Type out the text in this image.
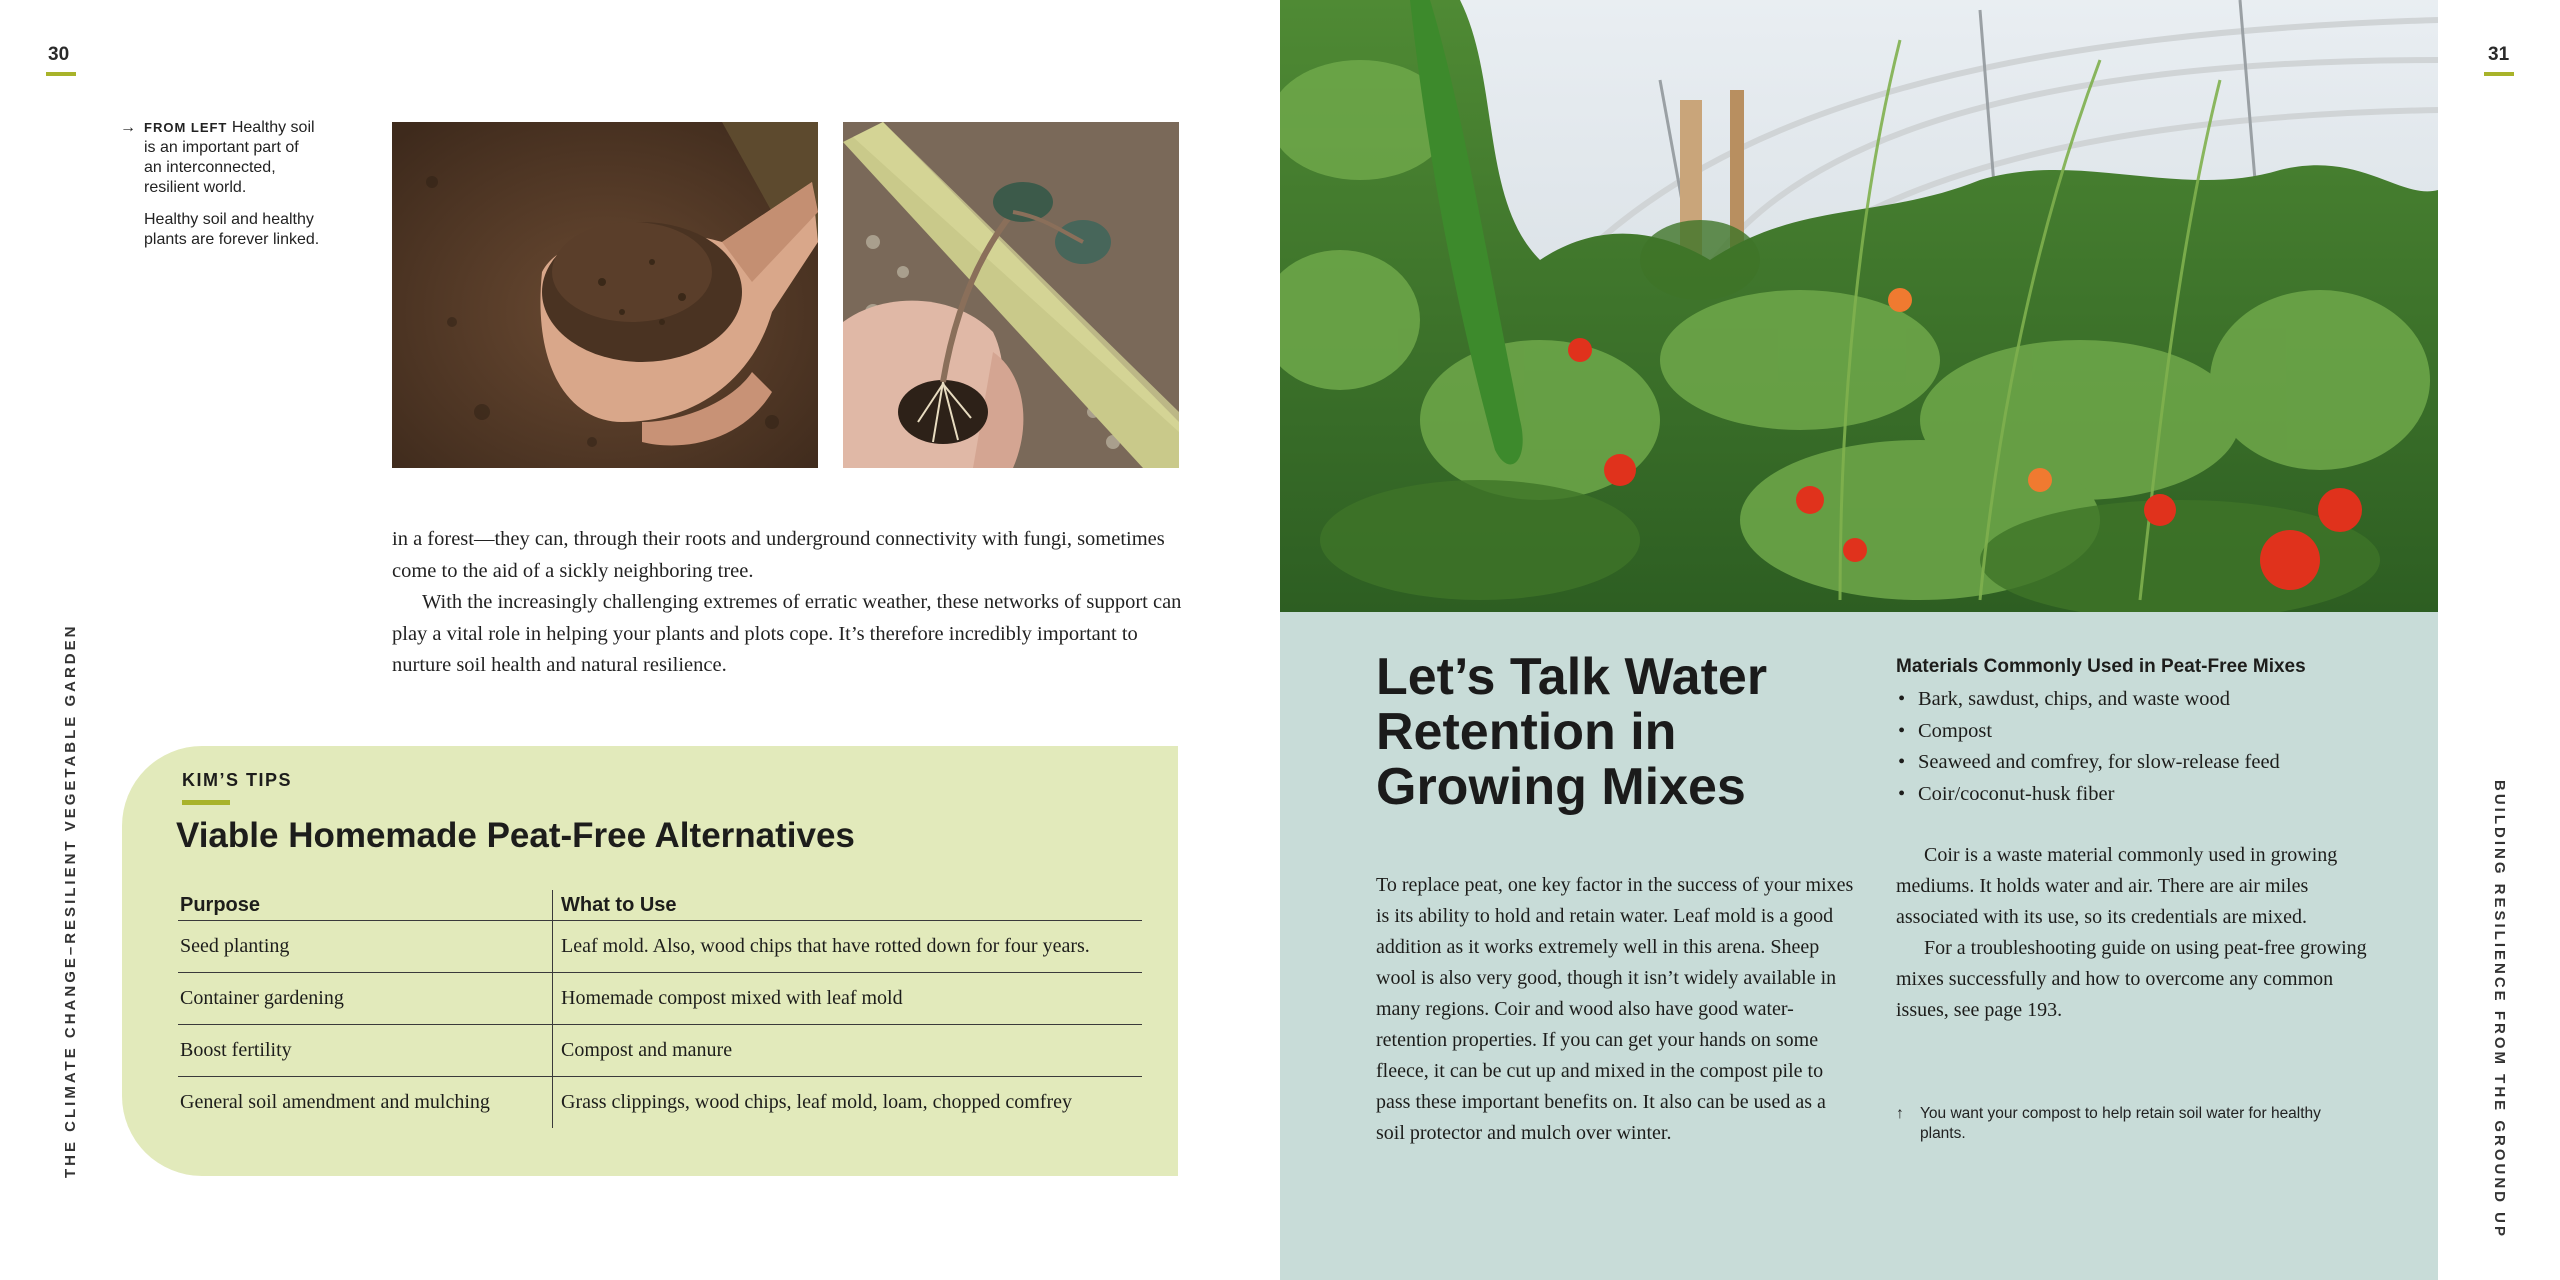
30
THE CLIMATE CHANGE–RESILIENT VEGETABLE GARDEN

→ FROM LEFT Healthy soil is an important part of an interconnected, resilient world.

Healthy soil and healthy plants are forever linked.

in a forest—they can, through their roots and underground connectivity with fungi, sometimes come to the aid of a sickly neighboring tree.

With the increasingly challenging extremes of erratic weather, these networks of support can play a vital role in helping your plants and plots cope. It’s therefore incredibly important to nurture soil health and natural resilience.

KIM’S TIPS
Viable Homemade Peat-Free Alternatives
Purpose	What to Use
Seed planting	Leaf mold. Also, wood chips that have rotted down for four years.
Container gardening	Homemade compost mixed with leaf mold
Boost fertility	Compost and manure
General soil amendment and mulching	Grass clippings, wood chips, leaf mold, loam, chopped comfrey
31
BUILDING RESILIENCE FROM THE GROUND UP
Let’s Talk Water Retention in Growing Mixes

To replace peat, one key factor in the success of your mixes is its ability to hold and retain water. Leaf mold is a good addition as it works extremely well in this arena. Sheep wool is also very good, though it isn’t widely available in many regions. Coir and wood also have good water-retention properties. If you can get your hands on some fleece, it can be cut up and mixed in the compost pile to pass these important benefits on. It also can be used as a soil protector and mulch over winter.

Materials Commonly Used in Peat-Free Mixes
• Bark, sawdust, chips, and waste wood
• Compost
• Seaweed and comfrey, for slow-release feed
• Coir/coconut-husk fiber

Coir is a waste material commonly used in growing mediums. It holds water and air. There are air miles associated with its use, so its credentials are mixed.

For a troubleshooting guide on using peat-free growing mixes successfully and how to overcome any common issues, see page 193.

↑ You want your compost to help retain soil water for healthy plants.
